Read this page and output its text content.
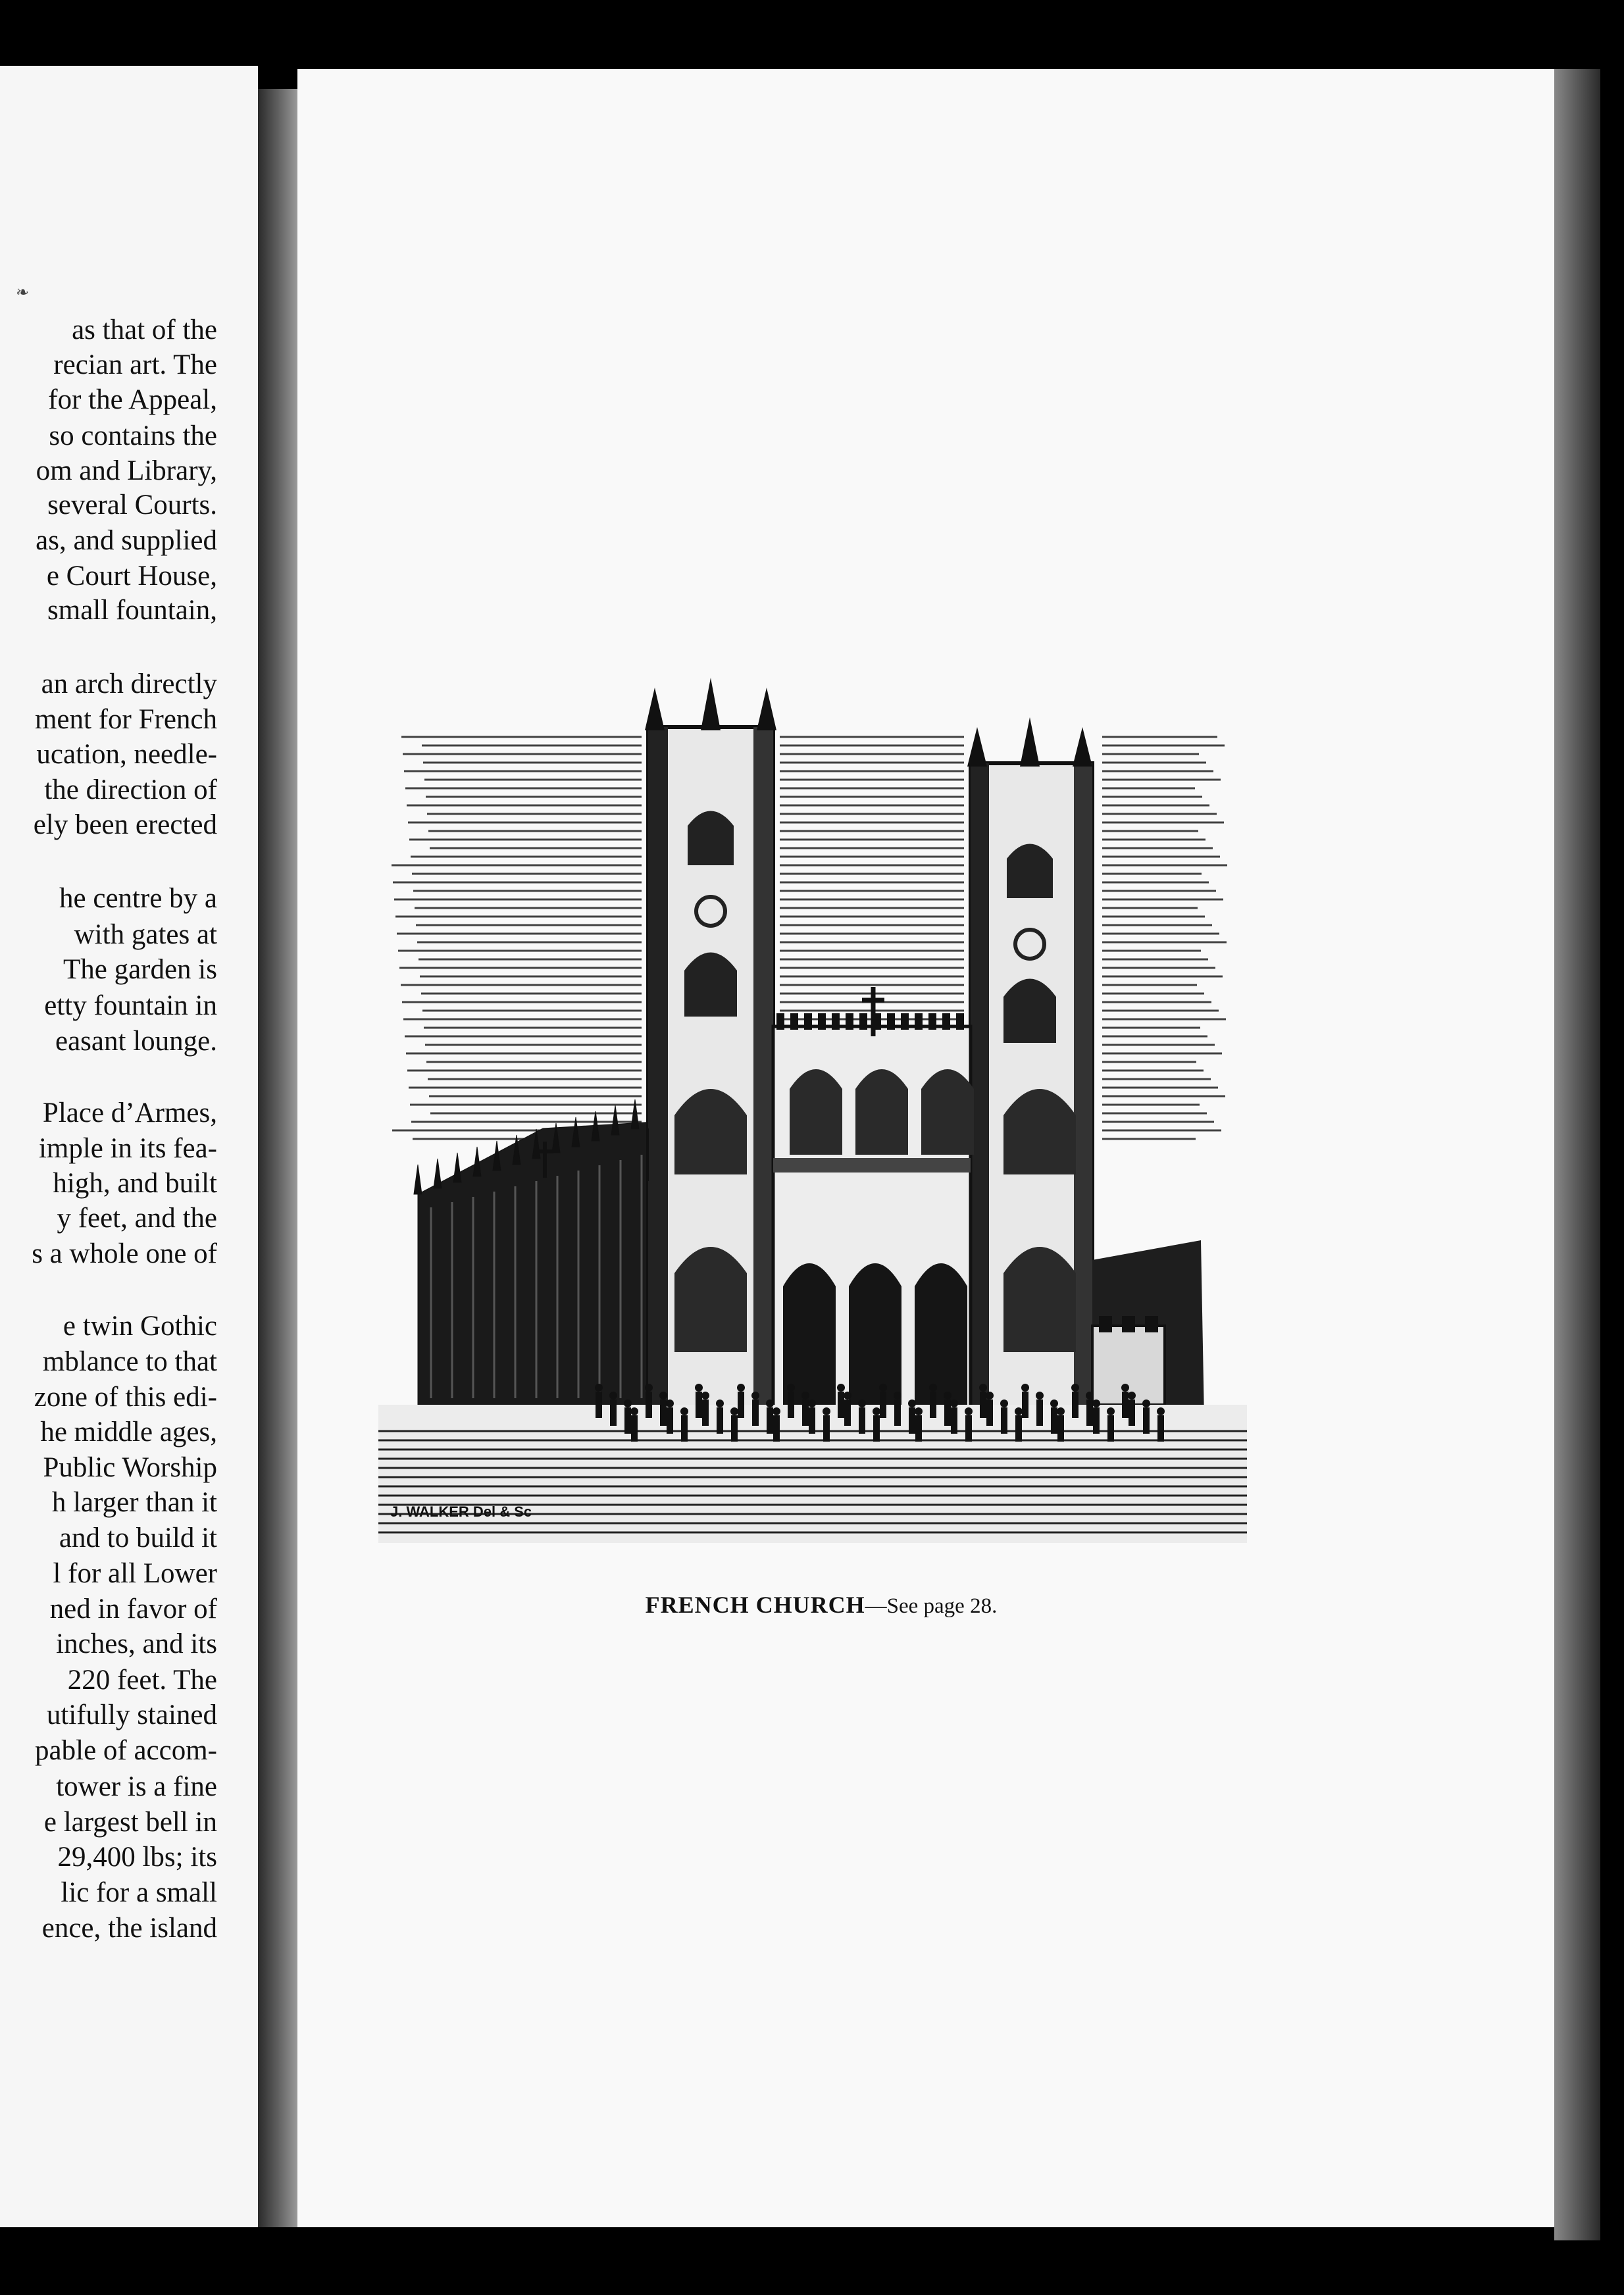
❧
as that of the
recian art. The
for the Appeal,
so contains the
om and Library,
several Courts.
as, and supplied
e Court House,
small fountain,
an arch directly
ment for French
ucation, needle-
the direction of
ely been erected
he centre by a
with gates at
The garden is
etty fountain in
easant lounge.
Place d’Armes,
imple in its fea-
high, and built
y feet, and the
s a whole one of
e twin Gothic
mblance to that
zone of this edi-
he middle ages,
Public Worship
h larger than it
and to build it
l for all Lower
ned in favor of
inches, and its
220 feet. The
utifully stained
pable of accom-
tower is a fine
e largest bell in
29,400 lbs; its
lic for a small
ence, the island
J. WALKER Del & Sc
FRENCH CHURCH—See page 28.
